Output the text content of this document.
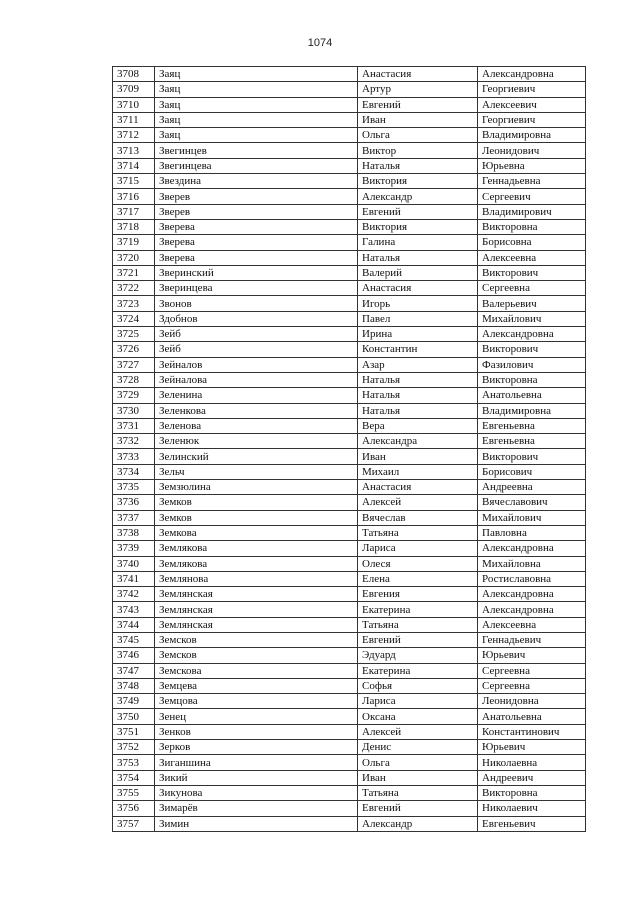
1074
3708	Заяц	Анастасия	Александровна
3709	Заяц	Артур	Георгиевич
3710	Заяц	Евгений	Алексеевич
3711	Заяц	Иван	Георгиевич
3712	Заяц	Ольга	Владимировна
3713	Звегинцев	Виктор	Леонидович
3714	Звегинцева	Наталья	Юрьевна
3715	Звездина	Виктория	Геннадьевна
3716	Зверев	Александр	Сергеевич
3717	Зверев	Евгений	Владимирович
3718	Зверева	Виктория	Викторовна
3719	Зверева	Галина	Борисовна
3720	Зверева	Наталья	Алексеевна
3721	Зверинский	Валерий	Викторович
3722	Зверинцева	Анастасия	Сергеевна
3723	Звонов	Игорь	Валерьевич
3724	Здобнов	Павел	Михайлович
3725	Зейб	Ирина	Александровна
3726	Зейб	Константин	Викторович
3727	Зейналов	Азар	Фазилович
3728	Зейналова	Наталья	Викторовна
3729	Зеленина	Наталья	Анатольевна
3730	Зеленкова	Наталья	Владимировна
3731	Зеленова	Вера	Евгеньевна
3732	Зеленюк	Александра	Евгеньевна
3733	Зелинский	Иван	Викторович
3734	Зельч	Михаил	Борисович
3735	Земзюлина	Анастасия	Андреевна
3736	Земков	Алексей	Вячеславович
3737	Земков	Вячеслав	Михайлович
3738	Земкова	Татьяна	Павловна
3739	Землякова	Лариса	Александровна
3740	Землякова	Олеся	Михайловна
3741	Землянова	Елена	Ростиславовна
3742	Землянская	Евгения	Александровна
3743	Землянская	Екатерина	Александровна
3744	Землянская	Татьяна	Алексеевна
3745	Земсков	Евгений	Геннадьевич
3746	Земсков	Эдуард	Юрьевич
3747	Земскова	Екатерина	Сергеевна
3748	Земцева	Софья	Сергеевна
3749	Земцова	Лариса	Леонидовна
3750	Зенец	Оксана	Анатольевна
3751	Зенков	Алексей	Константинович
3752	Зерков	Денис	Юрьевич
3753	Зиганшина	Ольга	Николаевна
3754	Зикий	Иван	Андреевич
3755	Зикунова	Татьяна	Викторовна
3756	Зимарёв	Евгений	Николаевич
3757	Зимин	Александр	Евгеньевич
